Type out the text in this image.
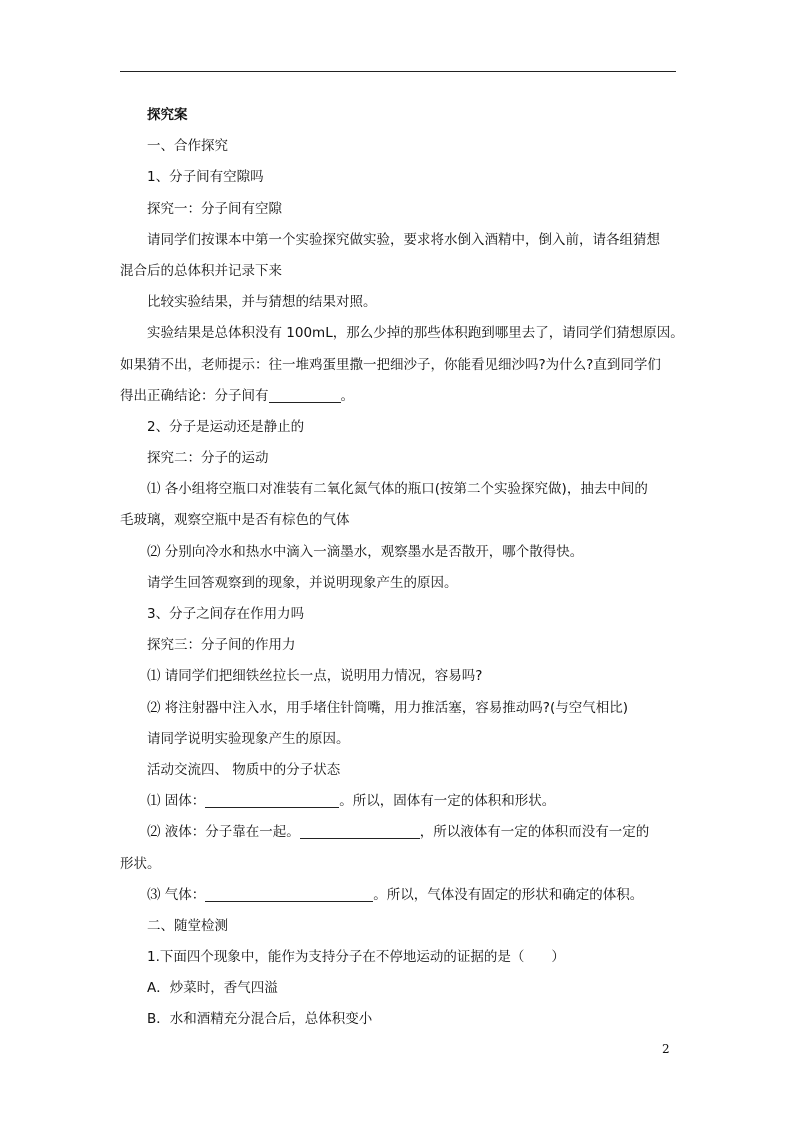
探究案
一、合作探究
1、分子间有空隙吗
探究一：分子间有空隙
请同学们按课本中第一个实验探究做实验，要求将水倒入酒精中，倒入前，请各组猜想
混合后的总体积并记录下来
比较实验结果，并与猜想的结果对照。
实验结果是总体积没有 100mL，那么少掉的那些体积跑到哪里去了，请同学们猜想原因。
如果猜不出，老师提示：往一堆鸡蛋里撒一把细沙子，你能看见细沙吗?为什么?直到同学们
得出正确结论：分子间有	。
2、分子是运动还是静止的
探究二：分子的运动
⑴ 各小组将空瓶口对准装有二氧化氮气体的瓶口(按第二个实验探究做)，抽去中间的
毛玻璃，观察空瓶中是否有棕色的气体
⑵ 分别向冷水和热水中滴入一滴墨水，观察墨水是否散开，哪个散得快。
请学生回答观察到的现象，并说明现象产生的原因。
3、分子之间存在作用力吗
探究三：分子间的作用力
⑴ 请同学们把细铁丝拉长一点，说明用力情况，容易吗?
⑵ 将注射器中注入水，用手堵住针筒嘴，用力推活塞，容易推动吗?(与空气相比)
请同学说明实验现象产生的原因。
活动交流四、 物质中的分子状态
⑴ 固体：	。所以，固体有一定的体积和形状。
⑵ 液体：分子靠在一起。	，所以液体有一定的体积而没有一定的
形状。
⑶ 气体：	。所以，气体没有固定的形状和确定的体积。
二、随堂检测
1.下面四个现象中，能作为支持分子在不停地运动的证据的是（　　）
A．炒菜时，香气四溢
B．水和酒精充分混合后，总体积变小
2
